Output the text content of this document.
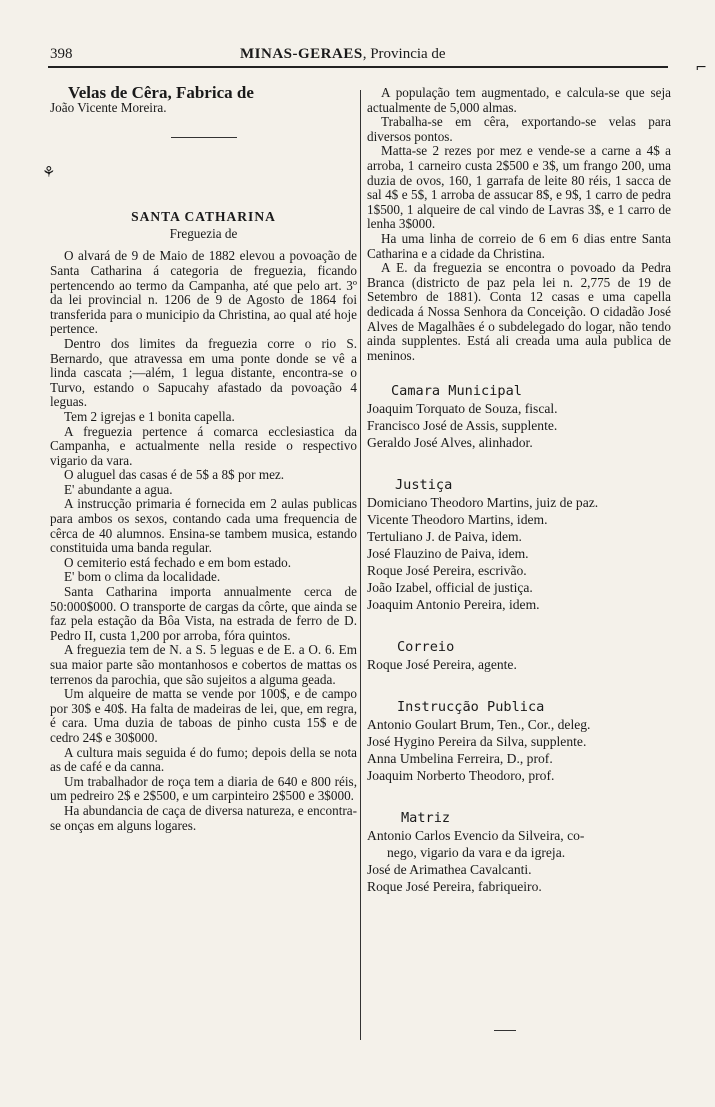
398	MINAS-GERAES, Provincia de
⌐

Velas de Cêra, Fabrica de

João Vicente Moreira.

⚘

SANTA CATHARINA

Freguezia de

O alvará de 9 de Maio de 1882 elevou a povoação de Santa Catharina á categoria de freguezia, ficando pertencendo ao termo da Campanha, até que pelo art. 3º da lei provincial n. 1206 de 9 de Agosto de 1864 foi transferida para o municipio da Christina, ao qual até hoje pertence.

Dentro dos limites da freguezia corre o rio S. Bernardo, que atravessa em uma ponte donde se vê a linda cascata ;—além, 1 legua distante, encontra-se o Turvo, estando o Sapucahy afastado da povoação 4 leguas.

Tem 2 igrejas e 1 bonita capella.

A freguezia pertence á comarca ecclesiastica da Campanha, e actualmente nella reside o respectivo vigario da vara.

O aluguel das casas é de 5$ a 8$ por mez.

E' abundante a agua.

A instrucção primaria é fornecida em 2 aulas publicas para ambos os sexos, contando cada uma frequencia de cêrca de 40 alumnos. Ensina-se tambem musica, estando constituida uma banda regular.

O cemiterio está fechado e em bom estado.

E' bom o clima da localidade.

Santa Catharina importa annualmente cerca de 50:000$000. O transporte de cargas da côrte, que ainda se faz pela estação da Bôa Vista, na estrada de ferro de D. Pedro II, custa 1,200 por arroba, fóra quintos.

A freguezia tem de N. a S. 5 leguas e de E. a O. 6. Em sua maior parte são montanhosos e cobertos de mattas os terrenos da parochia, que são sujeitos a alguma geada.

Um alqueire de matta se vende por 100$, e de campo por 30$ e 40$. Ha falta de madeiras de lei, que, em regra, é cara. Uma duzia de taboas de pinho custa 15$ e de cedro 24$ e 30$000.

A cultura mais seguida é do fumo; depois della se nota as de café e da canna.

Um trabalhador de roça tem a diaria de 640 e 800 réis, um pedreiro 2$ e 2$500, e um carpinteiro 2$500 e 3$000.

Ha abundancia de caça de diversa natureza, e encontra-se onças em alguns logares.

A população tem augmentado, e calcula-se que seja actualmente de 5,000 almas.

Trabalha-se em cêra, exportando-se velas para diversos pontos.

Matta-se 2 rezes por mez e vende-se a carne a 4$ a arroba, 1 carneiro custa 2$500 e 3$, um frango 200, uma duzia de ovos, 160, 1 garrafa de leite 80 réis, 1 sacca de sal 4$ e 5$, 1 arroba de assucar 8$, e 9$, 1 carro de pedra 1$500, 1 alqueire de cal vindo de Lavras 3$, e 1 carro de lenha 3$000.

Ha uma linha de correio de 6 em 6 dias entre Santa Catharina e a cidade da Christina.

A E. da freguezia se encontra o povoado da Pedra Branca (districto de paz pela lei n. 2,775 de 19 de Setembro de 1881). Conta 12 casas e uma capella dedicada á Nossa Senhora da Conceição. O cidadão José Alves de Magalhães é o subdelegado do logar, não tendo ainda supplentes. Está ali creada uma aula publica de meninos.

Camara Municipal

Joaquim Torquato de Souza, fiscal.

Francisco José de Assis, supplente.

Geraldo José Alves, alinhador.

Justiça

Domiciano Theodoro Martins, juiz de paz.

Vicente Theodoro Martins, idem.

Tertuliano J. de Paiva, idem.

José Flauzino de Paiva, idem.

Roque José Pereira, escrivão.

João Izabel, official de justiça.

Joaquim Antonio Pereira, idem.

Correio

Roque José Pereira, agente.

Instrucção Publica

Antonio Goulart Brum, Ten., Cor., deleg.

José Hygino Pereira da Silva, supplente.

Anna Umbelina Ferreira, D., prof.

Joaquim Norberto Theodoro, prof.

Matriz

Antonio Carlos Evencio da Silveira, co-

nego, vigario da vara e da igreja.

José de Arimathea Cavalcanti.

Roque José Pereira, fabriqueiro.
